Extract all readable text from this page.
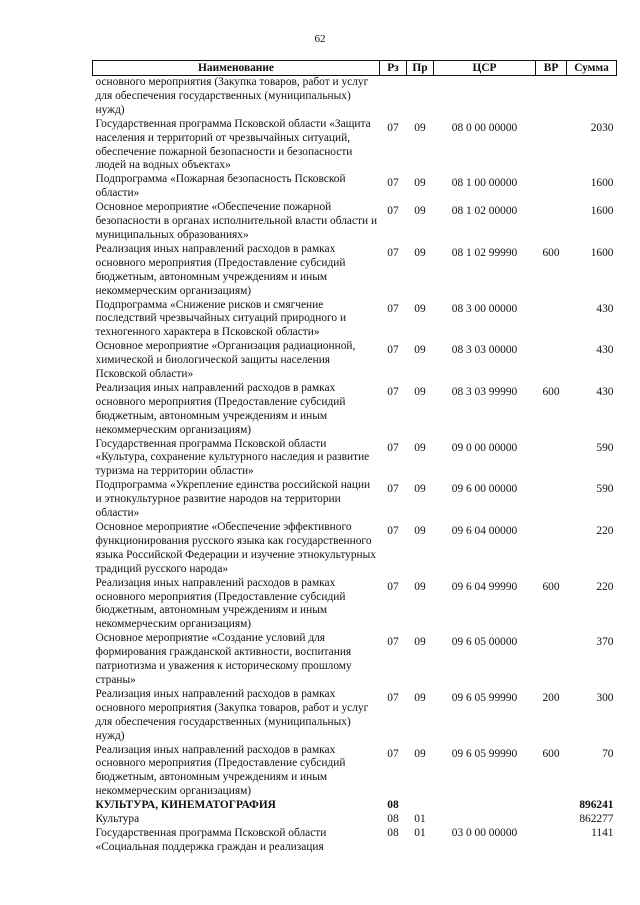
62
Наименование	Рз	Пр	ЦСР	ВР	Сумма
основного мероприятия (Закупка товаров, работ и услуг для обеспечения государственных (муниципальных) нужд)					
Государственная программа Псковской области «Защита населения и территорий от чрезвычайных ситуаций, обеспечение пожарной безопасности и безопасности людей на водных объектах»	07	09	08 0 00 00000		2030
Подпрограмма «Пожарная безопасность Псковской области»	07	09	08 1 00 00000		1600
Основное мероприятие «Обеспечение пожарной безопасности в органах исполнительной власти области и муниципальных образованиях»	07	09	08 1 02 00000		1600
Реализация иных направлений расходов в рамках основного мероприятия (Предоставление субсидий бюджетным, автономным учреждениям и иным некоммерческим организациям)	07	09	08 1 02 99990	600	1600
Подпрограмма «Снижение рисков и смягчение последствий чрезвычайных ситуаций природного и техногенного характера в Псковской области»	07	09	08 3 00 00000		430
Основное мероприятие «Организация радиационной, химической и биологической защиты населения Псковской области»	07	09	08 3 03 00000		430
Реализация иных направлений расходов в рамках основного мероприятия (Предоставление субсидий бюджетным, автономным учреждениям и иным некоммерческим организациям)	07	09	08 3 03 99990	600	430
Государственная программа Псковской области «Культура, сохранение культурного наследия и развитие туризма на территории области»	07	09	09 0 00 00000		590
Подпрограмма «Укрепление единства российской нации и этнокультурное развитие народов на территории области»	07	09	09 6 00 00000		590
Основное мероприятие «Обеспечение эффективного функционирования русского языка как государственного языка Российской Федерации и изучение этнокультурных традиций русского народа»	07	09	09 6 04 00000		220
Реализация иных направлений расходов в рамках основного мероприятия (Предоставление субсидий бюджетным, автономным учреждениям и иным некоммерческим организациям)	07	09	09 6 04 99990	600	220
Основное мероприятие «Создание условий для формирования гражданской активности, воспитания патриотизма и уважения к историческому прошлому страны»	07	09	09 6 05 00000		370
Реализация иных направлений расходов в рамках основного мероприятия (Закупка товаров, работ и услуг для обеспечения государственных (муниципальных) нужд)	07	09	09 6 05 99990	200	300
Реализация иных направлений расходов в рамках основного мероприятия (Предоставление субсидий бюджетным, автономным учреждениям и иным некоммерческим организациям)	07	09	09 6 05 99990	600	70
КУЛЬТУРА, КИНЕМАТОГРАФИЯ	08				896241
Культура	08	01			862277
Государственная программа Псковской области «Социальная поддержка граждан и реализация	08	01	03 0 00 00000		1141
